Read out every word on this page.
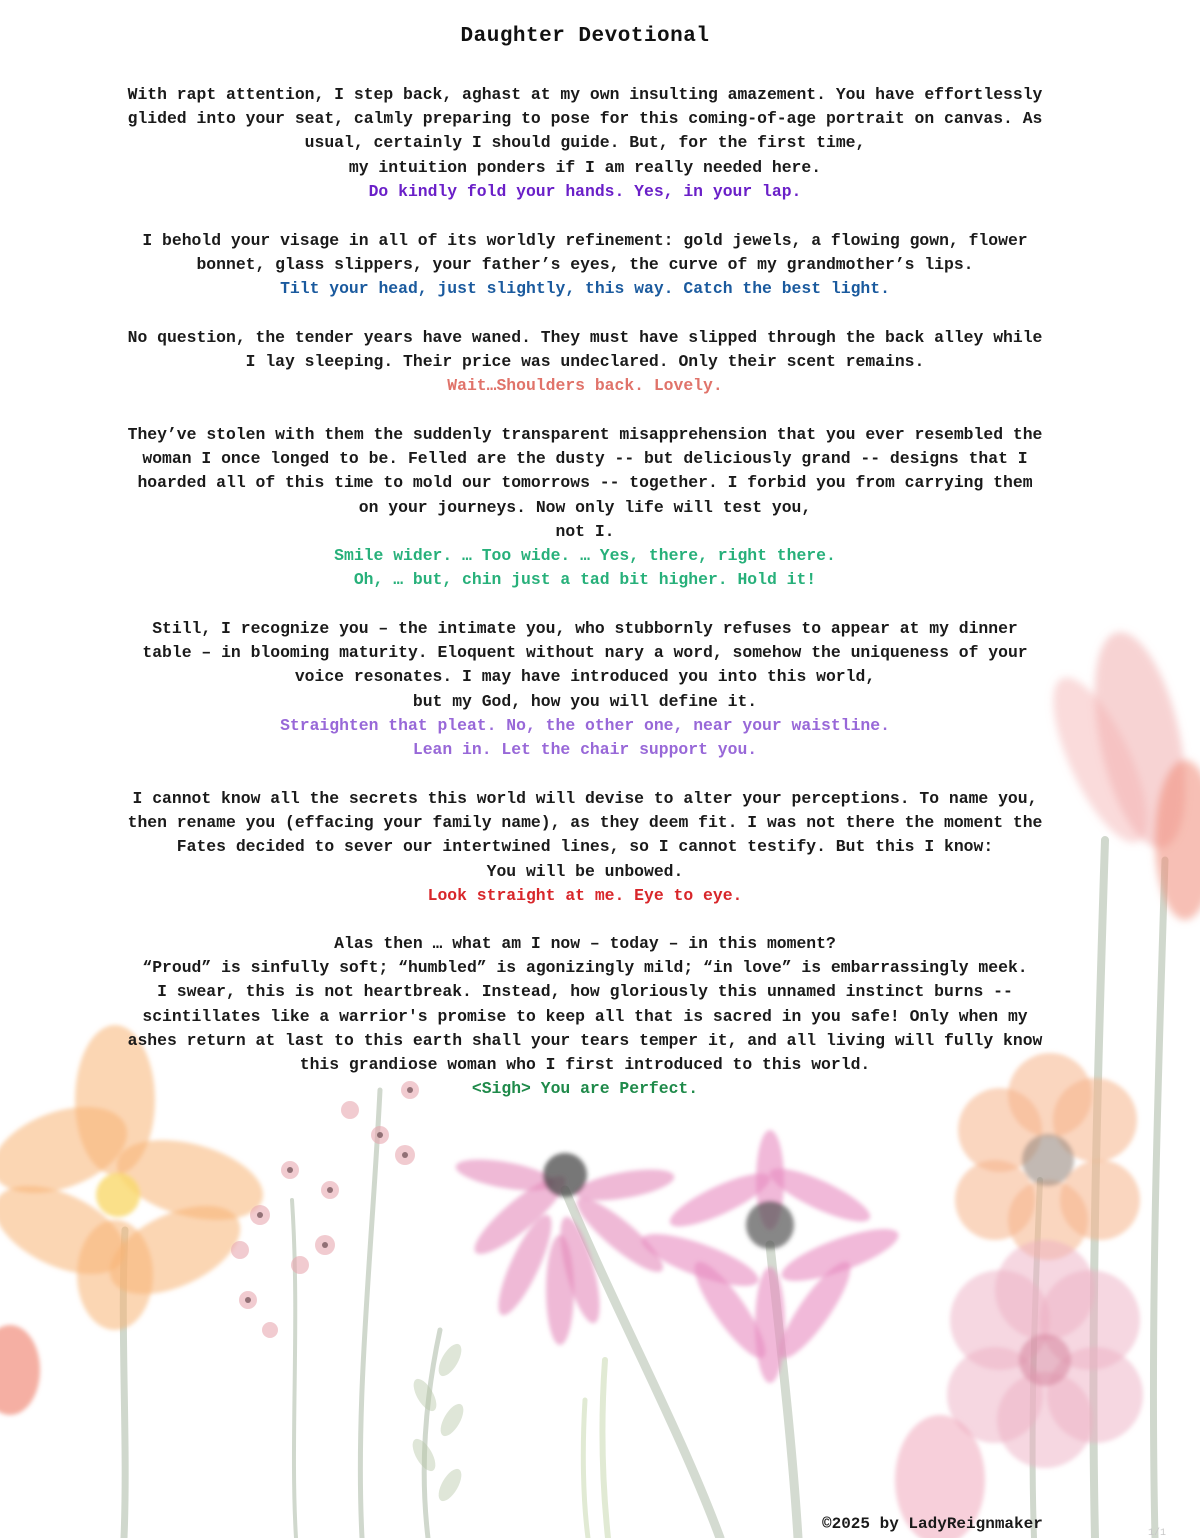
Daughter Devotional
With rapt attention, I step back, aghast at my own insulting amazement. You have effortlessly
glided into your seat, calmly preparing to pose for this coming-of-age portrait on canvas. As
usual, certainly I should guide. But, for the first time,
my intuition ponders if I am really needed here.
Do kindly fold your hands. Yes, in your lap.
I behold your visage in all of its worldly refinement: gold jewels, a flowing gown, flower
bonnet, glass slippers, your father’s eyes, the curve of my grandmother’s lips.
Tilt your head, just slightly, this way. Catch the best light.
No question, the tender years have waned. They must have slipped through the back alley while
I lay sleeping. Their price was undeclared. Only their scent remains.
Wait…Shoulders back. Lovely.
They’ve stolen with them the suddenly transparent misapprehension that you ever resembled the
woman I once longed to be. Felled are the dusty -- but deliciously grand -- designs that I
hoarded all of this time to mold our tomorrows -- together. I forbid you from carrying them
on your journeys. Now only life will test you,
not I.
Smile wider. … Too wide. … Yes, there, right there.
Oh, … but, chin just a tad bit higher. Hold it!
Still, I recognize you – the intimate you, who stubbornly refuses to appear at my dinner
table – in blooming maturity. Eloquent without nary a word, somehow the uniqueness of your
voice resonates. I may have introduced you into this world,
but my God, how you will define it.
Straighten that pleat. No, the other one, near your waistline.
Lean in. Let the chair support you.
I cannot know all the secrets this world will devise to alter your perceptions. To name you,
then rename you (effacing your family name), as they deem fit. I was not there the moment the
Fates decided to sever our intertwined lines, so I cannot testify. But this I know:
You will be unbowed.
Look straight at me. Eye to eye.
Alas then … what am I now – today – in this moment?
“Proud” is sinfully soft; “humbled” is agonizingly mild; “in love” is embarrassingly meek.
I swear, this is not heartbreak. Instead, how gloriously this unnamed instinct burns --
scintillates like a warrior's promise to keep all that is sacred in you safe! Only when my
ashes return at last to this earth shall your tears temper it, and all living will fully know
this grandiose woman who I first introduced to this world.
<Sigh> You are Perfect.
©2025 by LadyReignmaker
1/1
